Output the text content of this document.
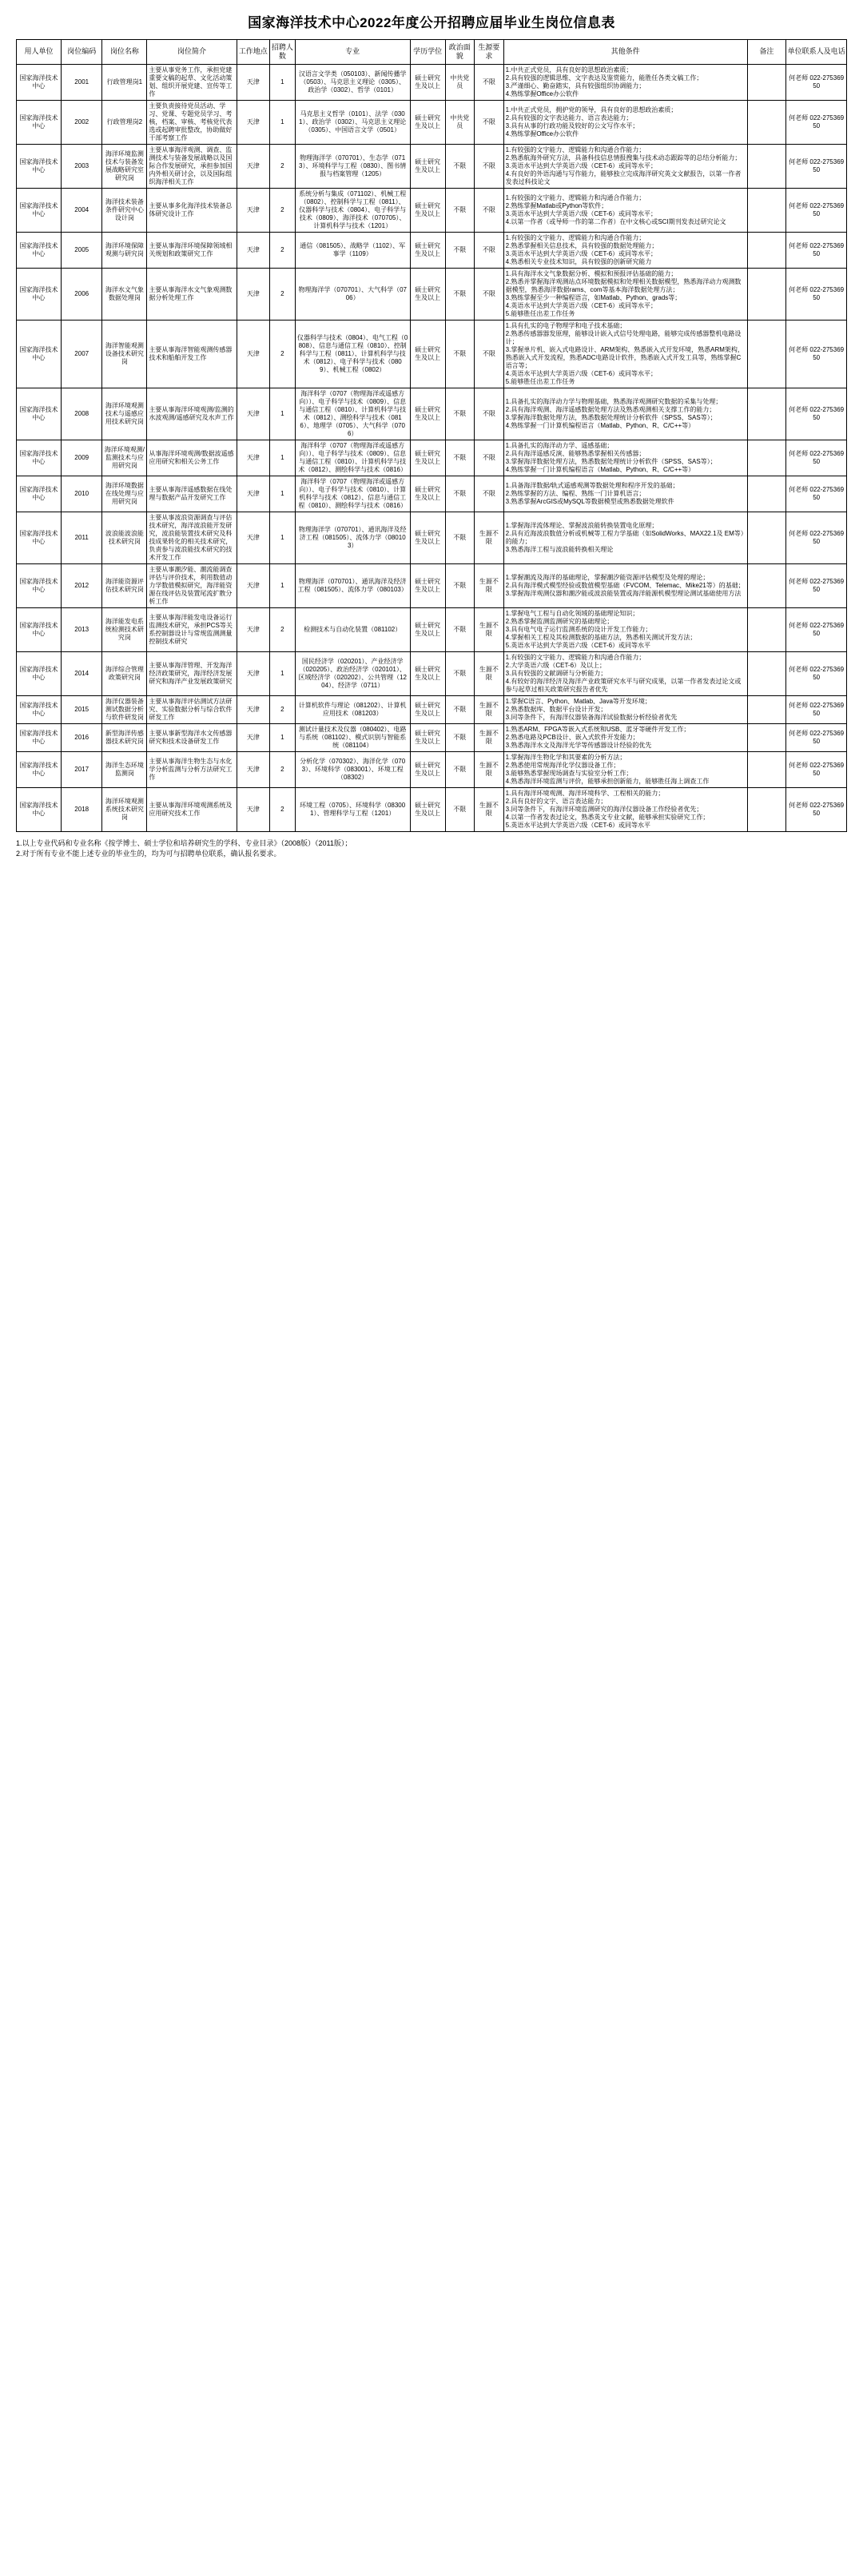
国家海洋技术中心2022年度公开招聘应届毕业生岗位信息表
用人单位	岗位编码	岗位名称	岗位简介	工作地点	招聘人数	专业	学历学位	政治面貌	生源要求	其他条件	备注	单位联系人及电话
国家海洋技术中心	2001	行政管理岗1	主要从事党务工作，承担党建重要文稿的起草、文化活动策划、组织开展党建、宣传等工作	天津	1	汉语言文学类（050103）、新闻传播学（0503）、马克思主义理论（0305）、政治学（0302）、哲学（0101）	硕士研究生及以上	中共党员	不限	1.中共正式党员，具有良好的思想政治素质；
2.具有较强的逻辑思维、文字表达及鉴赏能力，能胜任各类文稿工作；
3.严谨细心、勤奋踏实，具有较强组织协调能力；
4.熟练掌握Office办公软件		何老师 022-27536950
国家海洋技术中心	2002	行政管理岗2	主要负责接待党员活动、学习、党课、专题党员学习、考核，档案、审核、考核党代表选或起聘审批整改，协助做好干部考察工作	天津	1	马克思主义哲学（0101）、法学（0301）、政治学（0302）、马克思主义理论（0305）、中国语言文学（0501）	硕士研究生及以上	中共党员	不限	1.中共正式党员，拥护党的领导，具有良好的思想政治素质；
2.具有较强的文字表达能力、语言表达能力；
3.具有从事的行政功能及较好的公文写作水平；
4.熟练掌握Office办公软件		何老师 022-27536950
国家海洋技术中心	2003	海洋环境监测技术与装备发展战略研究室研究岗	主要从事海洋观测、调查、监测技术与装备发展战略以及国际合作发展研究，承担参加国内外相关研讨会，以及国际组织海洋相关工作	天津	2	物理海洋学（070701）、生态学（0713）、环境科学与工程（0830）、图书情报与档案管理（1205）	硕士研究生及以上	不限	不限	1.有较强的文字能力、逻辑能力和沟通合作能力；
2.熟悉航海外研究方法，具备科技信息情报搜集与技术动态跟踪等的总结分析能力；
3.英语水平达到大学英语六级（CET-6）或同等水平；
4.有良好的外语沟通与写作能力，能够独立完成海洋研究英文文献报告，以第一作者发表过科技论文		何老师 022-27536950
国家海洋技术中心	2004	海洋技术装备条件研究中心设计岗	主要从事多化海洋技术装备总体研究设计工作	天津	2	系统分析与集成（071102）、机械工程（0802）、控制科学与工程（0811）、仪器科学与技术（0804）、电子科学与技术（0809）、海洋技术（070705）、计算机科学与技术（1201）	硕士研究生及以上	不限	不限	1.有较强的文字能力、逻辑能力和沟通合作能力；
2.熟练掌握Matlab或Python等软件；
3.英语水平达到大学英语六级（CET-6）或同等水平；
4.以第一作者（或导师一作的第二作者）在中文核心或SCI期刊发表过研究论文		何老师 022-27536950
国家海洋技术中心	2005	海洋环境保障观测与研究岗	主要从事海洋环境保障领域相关规划和政策研究工作	天津	2	通信（081505）、战略学（1102）、军事学（1109）	硕士研究生及以上	不限	不限	1.有较强的文字能力、逻辑能力和沟通合作能力；
2.熟悉掌握相关信息技术，具有较强的数据处理能力；
3.英语水平达到大学英语六级（CET-6）或同等水平；
4.熟悉相关专业技术知识，具有较强的创新研究能力		何老师 022-27536950
国家海洋技术中心	2006	海洋水文气象数据处理岗	主要从事海洋水文气象观测数据分析处理工作	天津	2	物理海洋学（070701）、大气科学（0706）	硕士研究生及以上	不限	不限	1.具有海洋水文气象数据分析、模拟和预报评估基础的能力；
2.熟悉并掌握海洋观测站点环境数据模拟和处理相关数据模型，熟悉海洋动力观测数据模型，熟悉海洋数据rams、com等基本海洋数据处理方法；
3.熟练掌握至少一种编程语言，如Matlab、Python、grads等；
4.英语水平达到大学英语六级（CET-6）或同等水平；
5.能够胜任出差工作任务		何老师 022-27536950
国家海洋技术中心	2007	海洋智能观测设备技术研究岗	主要从事海洋智能观测传感器技术和船舶开发工作	天津	2	仪器科学与技术（0804）、电气工程（0808）、信息与通信工程（0810）、控制科学与工程（0811）、计算机科学与技术（0812）、电子科学与技术（0809）、机械工程（0802）	硕士研究生及以上	不限	不限	1.具有扎实的电子物理学和电子技术基础；
2.熟悉传感器器发原理，能够设计嵌入式信号处理电路，能够完成传感器整机电路设计；
3.掌握单片机、嵌入式电路设计、ARM架构、熟悉嵌入式开发环境，熟悉ARM架构，熟悉嵌入式开发流程，熟悉ADC电路设计软件，熟悉嵌入式开发工具等，熟练掌握C语言等；
4.英语水平达到大学英语六级（CET-6）或同等水平；
5.能够胜任出差工作任务		何老师 022-27536950
国家海洋技术中心	2008	海洋环境观测技术与遥感应用技术研究岗	主要从事海洋环境观测/监测的水波观测/遥感研究及水声工作	天津	1	海洋科学（0707（物理海洋或遥感方向））、电子科学与技术（0809）、信息与通信工程（0810）、计算机科学与技术（0812）、测绘科学与技术（0816）、地理学（0705）、大气科学（0706）	硕士研究生及以上	不限	不限	1.具备扎实的海洋动力学与物理基础，熟悉海洋观测研究数据的采集与处理；
2.具有海洋观测、海洋遥感数据处理方法及熟悉观测相关支撑工作的能力；
3.掌握海洋数据处理方法，熟悉数据处理统计分析软件（SPSS、SAS等）；
4.熟练掌握一门计算机编程语言（Matlab、Python、R、C/C++等）		何老师 022-27536950
国家海洋技术中心	2009	海洋环境观测/监测技术与应用研究岗	从事海洋环境观测/数据波遥感应用研究和相关公务工作	天津	1	海洋科学（0707（物理海洋或遥感方向））、电子科学与技术（0809）、信息与通信工程（0810）、计算机科学与技术（0812）、测绘科学与技术（0816）	硕士研究生及以上	不限	不限	1.具备扎实的海洋动力学、遥感基础；
2.具有海洋遥感反演、能够熟悉掌握相关传感器；
3.掌握海洋数据处理方法，熟悉数据处理统计分析软件（SPSS、SAS等）；
4.熟练掌握一门计算机编程语言（Matlab、Python、R、C/C++等）		何老师 022-27536950
国家海洋技术中心	2010	海洋环境数据在线处理与应用研究岗	主要从事海洋遥感数据在线处理与数据产品开发研究工作	天津	1	海洋科学（0707（物理海洋或遥感方向））、电子科学与技术（0810）、计算机科学与技术（0812）、信息与通信工程（0810）、测绘科学与技术（0816）	硕士研究生及以上	不限	不限	1.具备海洋数据/轨式遥感观测等数据处理和程序开发的基础；
2.熟练掌握的方法、编程、熟练一门计算机语言；
3.熟悉掌握ArcGIS或MySQL等数据模型或熟悉数据处理软件		何老师 022-27536950
国家海洋技术中心	2011	波浪能波浪能技术研究岗	主要从事波浪资源调查与评估技术研究，海洋波浪能开发研究，波浪能装置技术研究及科技成果转化的相关技术研究，负责参与波浪能技术研究的技术开发工作	天津	1	物理海洋学（070701）、通讯海洋及经济工程（081505）、流体力学（080103）	硕士研究生及以上	不限	生源不限	1.掌握海洋流体理论、掌握波浪能转换装置电化原理；
2.具有近海波浪数值分析或机械等工程力学基础（如SolidWorks、MAX22.1及 EM等）的能力；
3.熟悉海洋工程与波浪能转换相关理论		何老师 022-27536950
国家海洋技术中心	2012	海洋能资源评估技术研究岗	主要从事潮汐能、潮流能调查评估与评价技术，利用数值动力学数值模拟研究，海洋能资源在线评估及装置尾流扩散分析工作	天津	1	物理海洋（070701）、通讯海洋及经济工程（081505）、流体力学（080103）	硕士研究生及以上	不限	生源不限	1.掌握潮流及海洋的基础理论，掌握潮汐能资源评估模型及处理的理论；
2.具有海洋模式模型经验或数值模型基础（FVCOM、Telemac、Mike21等）的基础；
3.掌握海洋观测仪器和潮汐能或波浪能装置或海洋能源机模型理论测试基础使用方法		何老师 022-27536950
国家海洋技术中心	2013	海洋能发电系统检测技术研究岗	主要从事海洋能发电设备运行监测技术研究，承担PCS等关系控制器设计与常规监测测量控制技术研究	天津	2	检测技术与自动化装置（081102）	硕士研究生及以上	不限	生源不限	1.掌握电气工程与自动化领域的基础理论知识；
2.熟悉掌握监测监测研究的基础理论；
3.具有电气电子运行监测系统的设计开发工作能力；
4.掌握相关工程及其检测数据的基础方法，熟悉相关测试开发方法；
5.英语水平达到大学英语六级（CET-6）或同等水平		何老师 022-27536950
国家海洋技术中心	2014	海洋综合管理政策研究岗	主要从事海洋管理、开发海洋经济政策研究，海洋经济发展研究和海洋产业发展政策研究	天津	1	国民经济学（020201）、产业经济学（020205）、政治经济学（020101）、区域经济学（020202）、公共管理（1204）、经济学（0711）	硕士研究生及以上	不限	生源不限	1.有较强的文字能力、逻辑能力和沟通合作能力；
2.大学英语六级（CET-6）及以上；
3.具有较强的文献调研与分析能力；
4.有较好的海洋经济及海洋产业政策研究水平与研究成果，以第一作者发表过论文或参与起草过相关政策研究报告者优先		何老师 022-27536950
国家海洋技术中心	2015	海洋仪器装备测试数据分析与软件研发岗	主要从事海洋评估测试方法研究、实验数据分析与综合软件研发工作	天津	2	计算机软件与理论（081202）、计算机应用技术（081203）	硕士研究生及以上	不限	生源不限	1.掌握C语言、Python、Matlab、Java等开发环境；
2.熟悉数据库、数据平台设计开发；
3.同等条件下，有海洋仪器装备海洋试验数据分析经验者优先		何老师 022-27536950
国家海洋技术中心	2016	新型海洋传感器技术研究岗	主要从事新型海洋水文传感器研究和技术设备研发工作	天津	1	测试计量技术及仪器（080402）、电路与系统（081102）、模式识别与智能系统（081104）	硕士研究生及以上	不限	生源不限	1.熟悉ARM、FPGA等嵌入式系统和USB、蓝牙等硬件开发工作；
2.熟悉电路及PCB设计、嵌入式软件开发能力；
3.熟悉海洋水文及海洋光学等传感器设计经验的优先		何老师 022-27536950
国家海洋技术中心	2017	海洋生态环境监测岗	主要从事海洋生物生态与水化学分析监测与分析方法研究工作	天津	2	分析化学（070302）、海洋化学（0703）、环境科学（083001）、环境工程（08302）	硕士研究生及以上	不限	生源不限	1.掌握海洋生物化学和其要素的分析方法；
2.熟悉使用常规海洋化学仪器设备工作；
3.能够熟悉掌握现场调查与实验室分析工作；
4.熟悉海洋环境监测与评价，能够承担创新能力，能够胜任海上调查工作		何老师 022-27536950
国家海洋技术中心	2018	海洋环境观测系统技术研究岗	主要从事海洋环境观测系统及应用研究技术工作	天津	2	环境工程（0705）、环境科学（083001）、管理科学与工程（1201）	硕士研究生及以上	不限	生源不限	1.具有海洋环境观测、海洋环境科学、工程相关的能力；
2.具有良好的文字、语言表达能力；
3.同等条件下，有海洋环境监测研究的海洋仪器设备工作经验者优先；
4.以第一作者发表过论文，熟悉英文专业文献，能够承担实验研究工作；
5.英语水平达到大学英语六级（CET-6）或同等水平		何老师 022-27536950
1.以上专业代码和专业名称《按学博士、硕士学位和培养研究生的学科、专业目录》（2008版）（2011版）；
2.对于所有专业不能上述专业的毕业生的，均为可与招聘单位联系，确认报名要求。
